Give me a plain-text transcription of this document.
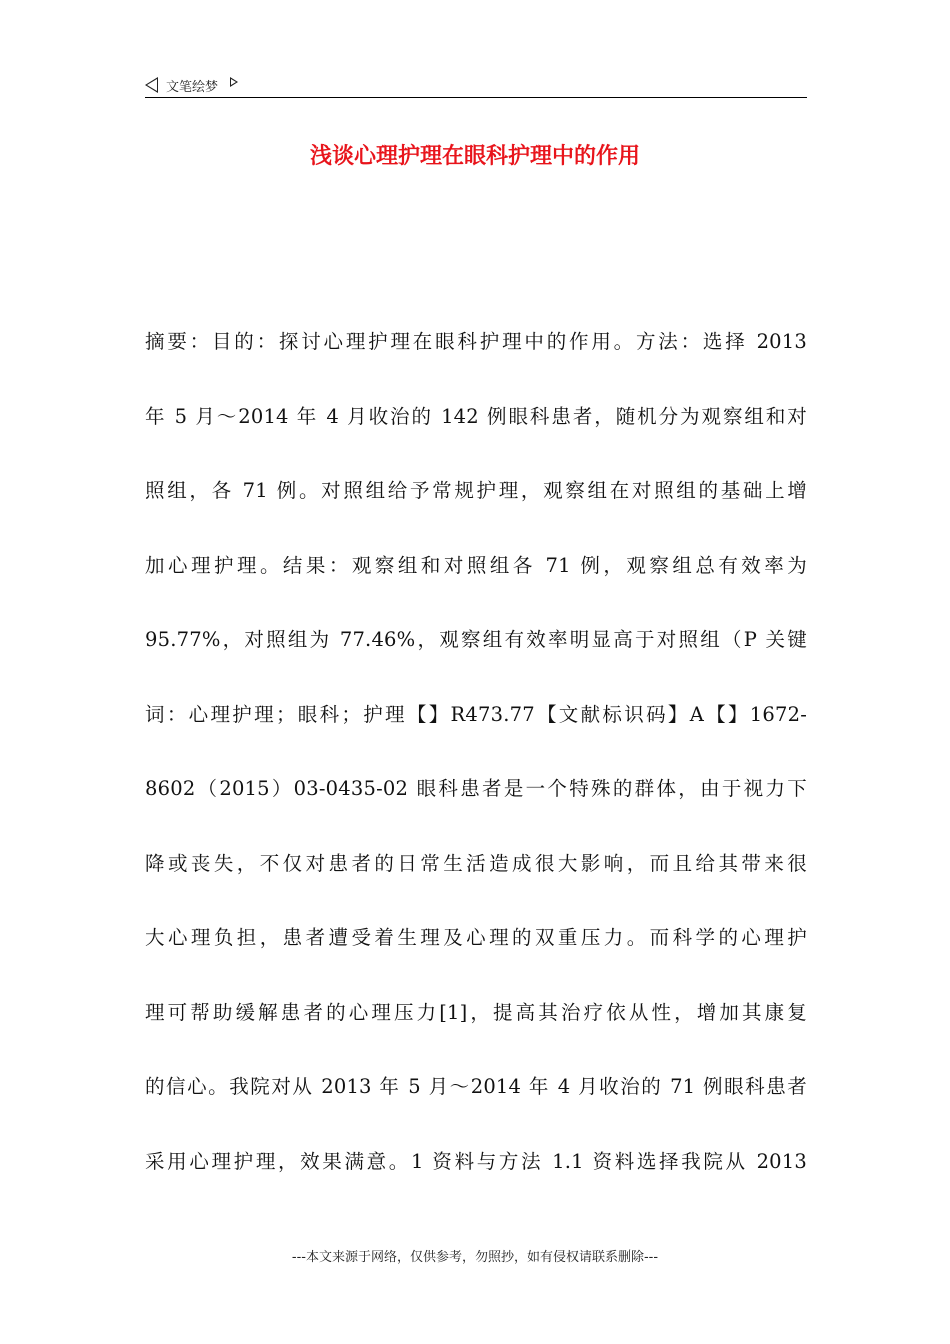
文笔绘梦
浅谈心理护理在眼科护理中的作用
摘要：目的：探讨心理护理在眼科护理中的作用。方法：选择 2013
年 5 月～2014 年 4 月收治的 142 例眼科患者，随机分为观察组和对
照组，各 71 例。对照组给予常规护理，观察组在对照组的基础上增
加心理护理。结果：观察组和对照组各 71 例，观察组总有效率为
95.77%，对照组为 77.46%，观察组有效率明显高于对照组（P 关键
词：心理护理；眼科；护理【】R473.77【文献标识码】A【】1672-
8602（2015）03-0435-02 眼科患者是一个特殊的群体，由于视力下
降或丧失，不仅对患者的日常生活造成很大影响，而且给其带来很
大心理负担，患者遭受着生理及心理的双重压力。而科学的心理护
理可帮助缓解患者的心理压力[1]，提高其治疗依从性，增加其康复
的信心。我院对从 2013 年 5 月～2014 年 4 月收治的 71 例眼科患者
采用心理护理，效果满意。1 资料与方法 1.1 资料选择我院从 2013
---本文来源于网络，仅供参考，勿照抄，如有侵权请联系删除---
